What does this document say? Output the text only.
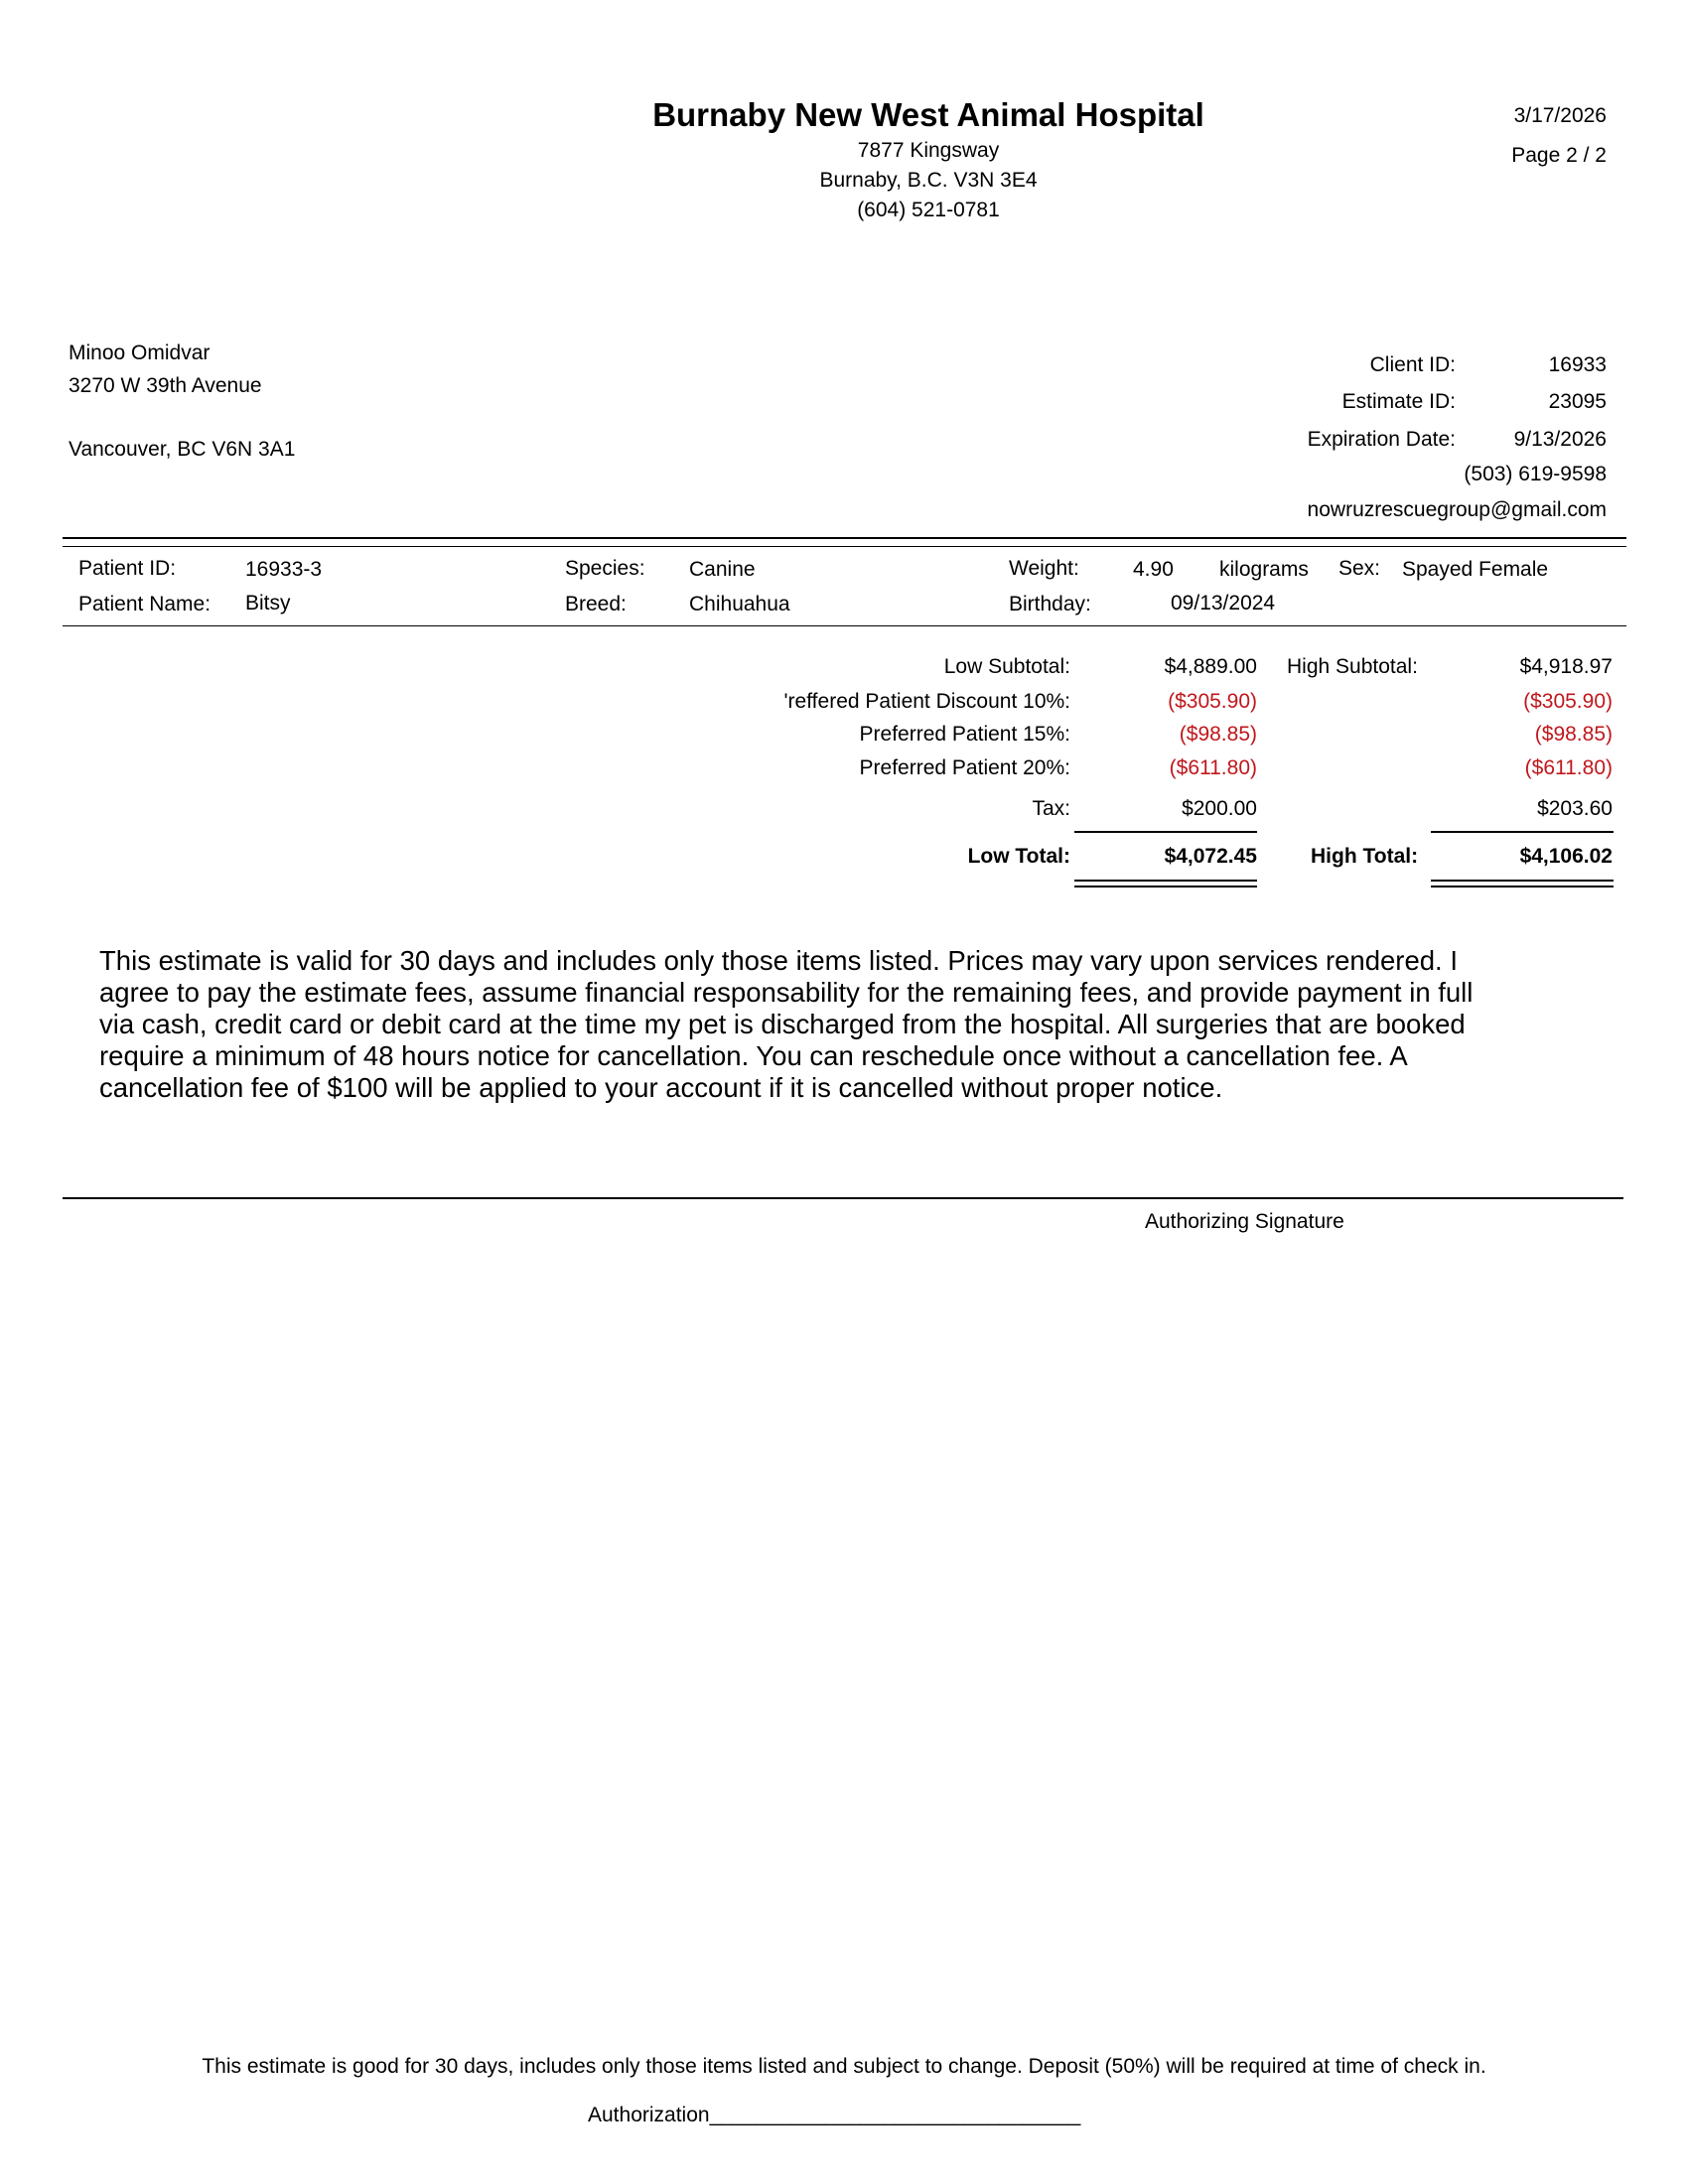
Burnaby New West Animal Hospital
7877 Kingsway
Burnaby, B.C. V3N 3E4
(604) 521-0781
3/17/2026
Page 2 / 2
Minoo Omidvar
3270 W 39th Avenue
Vancouver, BC V6N 3A1
Client ID:	16933
Estimate ID:	23095
Expiration Date:	9/13/2026
(503) 619-9598
nowruzrescuegroup@gmail.com
Patient ID:	16933-3	Species: Canine	Weight:	4.90 kilograms Sex: Spayed Female
Patient Name: Bitsy	Breed:	Chihuahua	Birthday:	09/13/2024
Low Subtotal:	$4,889.00 High Subtotal:	$4,918.97
'reffered Patient Discount 10%:	($305.90)	($305.90)
Preferred Patient 15%:	($98.85)	($98.85)
Preferred Patient 20%:	($611.80)	($611.80)
Tax:	$200.00	$203.60
Low Total:	$4,072.45	High Total:	$4,106.02
This estimate is valid for 30 days and includes only those items listed. Prices may vary upon services rendered. I agree to pay the estimate fees, assume financial responsability for the remaining fees, and provide payment in full via cash, credit card or debit card at the time my pet is discharged from the hospital. All surgeries that are booked require a minimum of 48 hours notice for cancellation. You can reschedule once without a cancellation fee. A cancellation fee of $100 will be applied to your account if it is cancelled without proper notice.
Authorizing Signature
This estimate is good for 30 days, includes only those items listed and subject to change. Deposit (50%) will be required at time of check in.
Authorization________________________________
